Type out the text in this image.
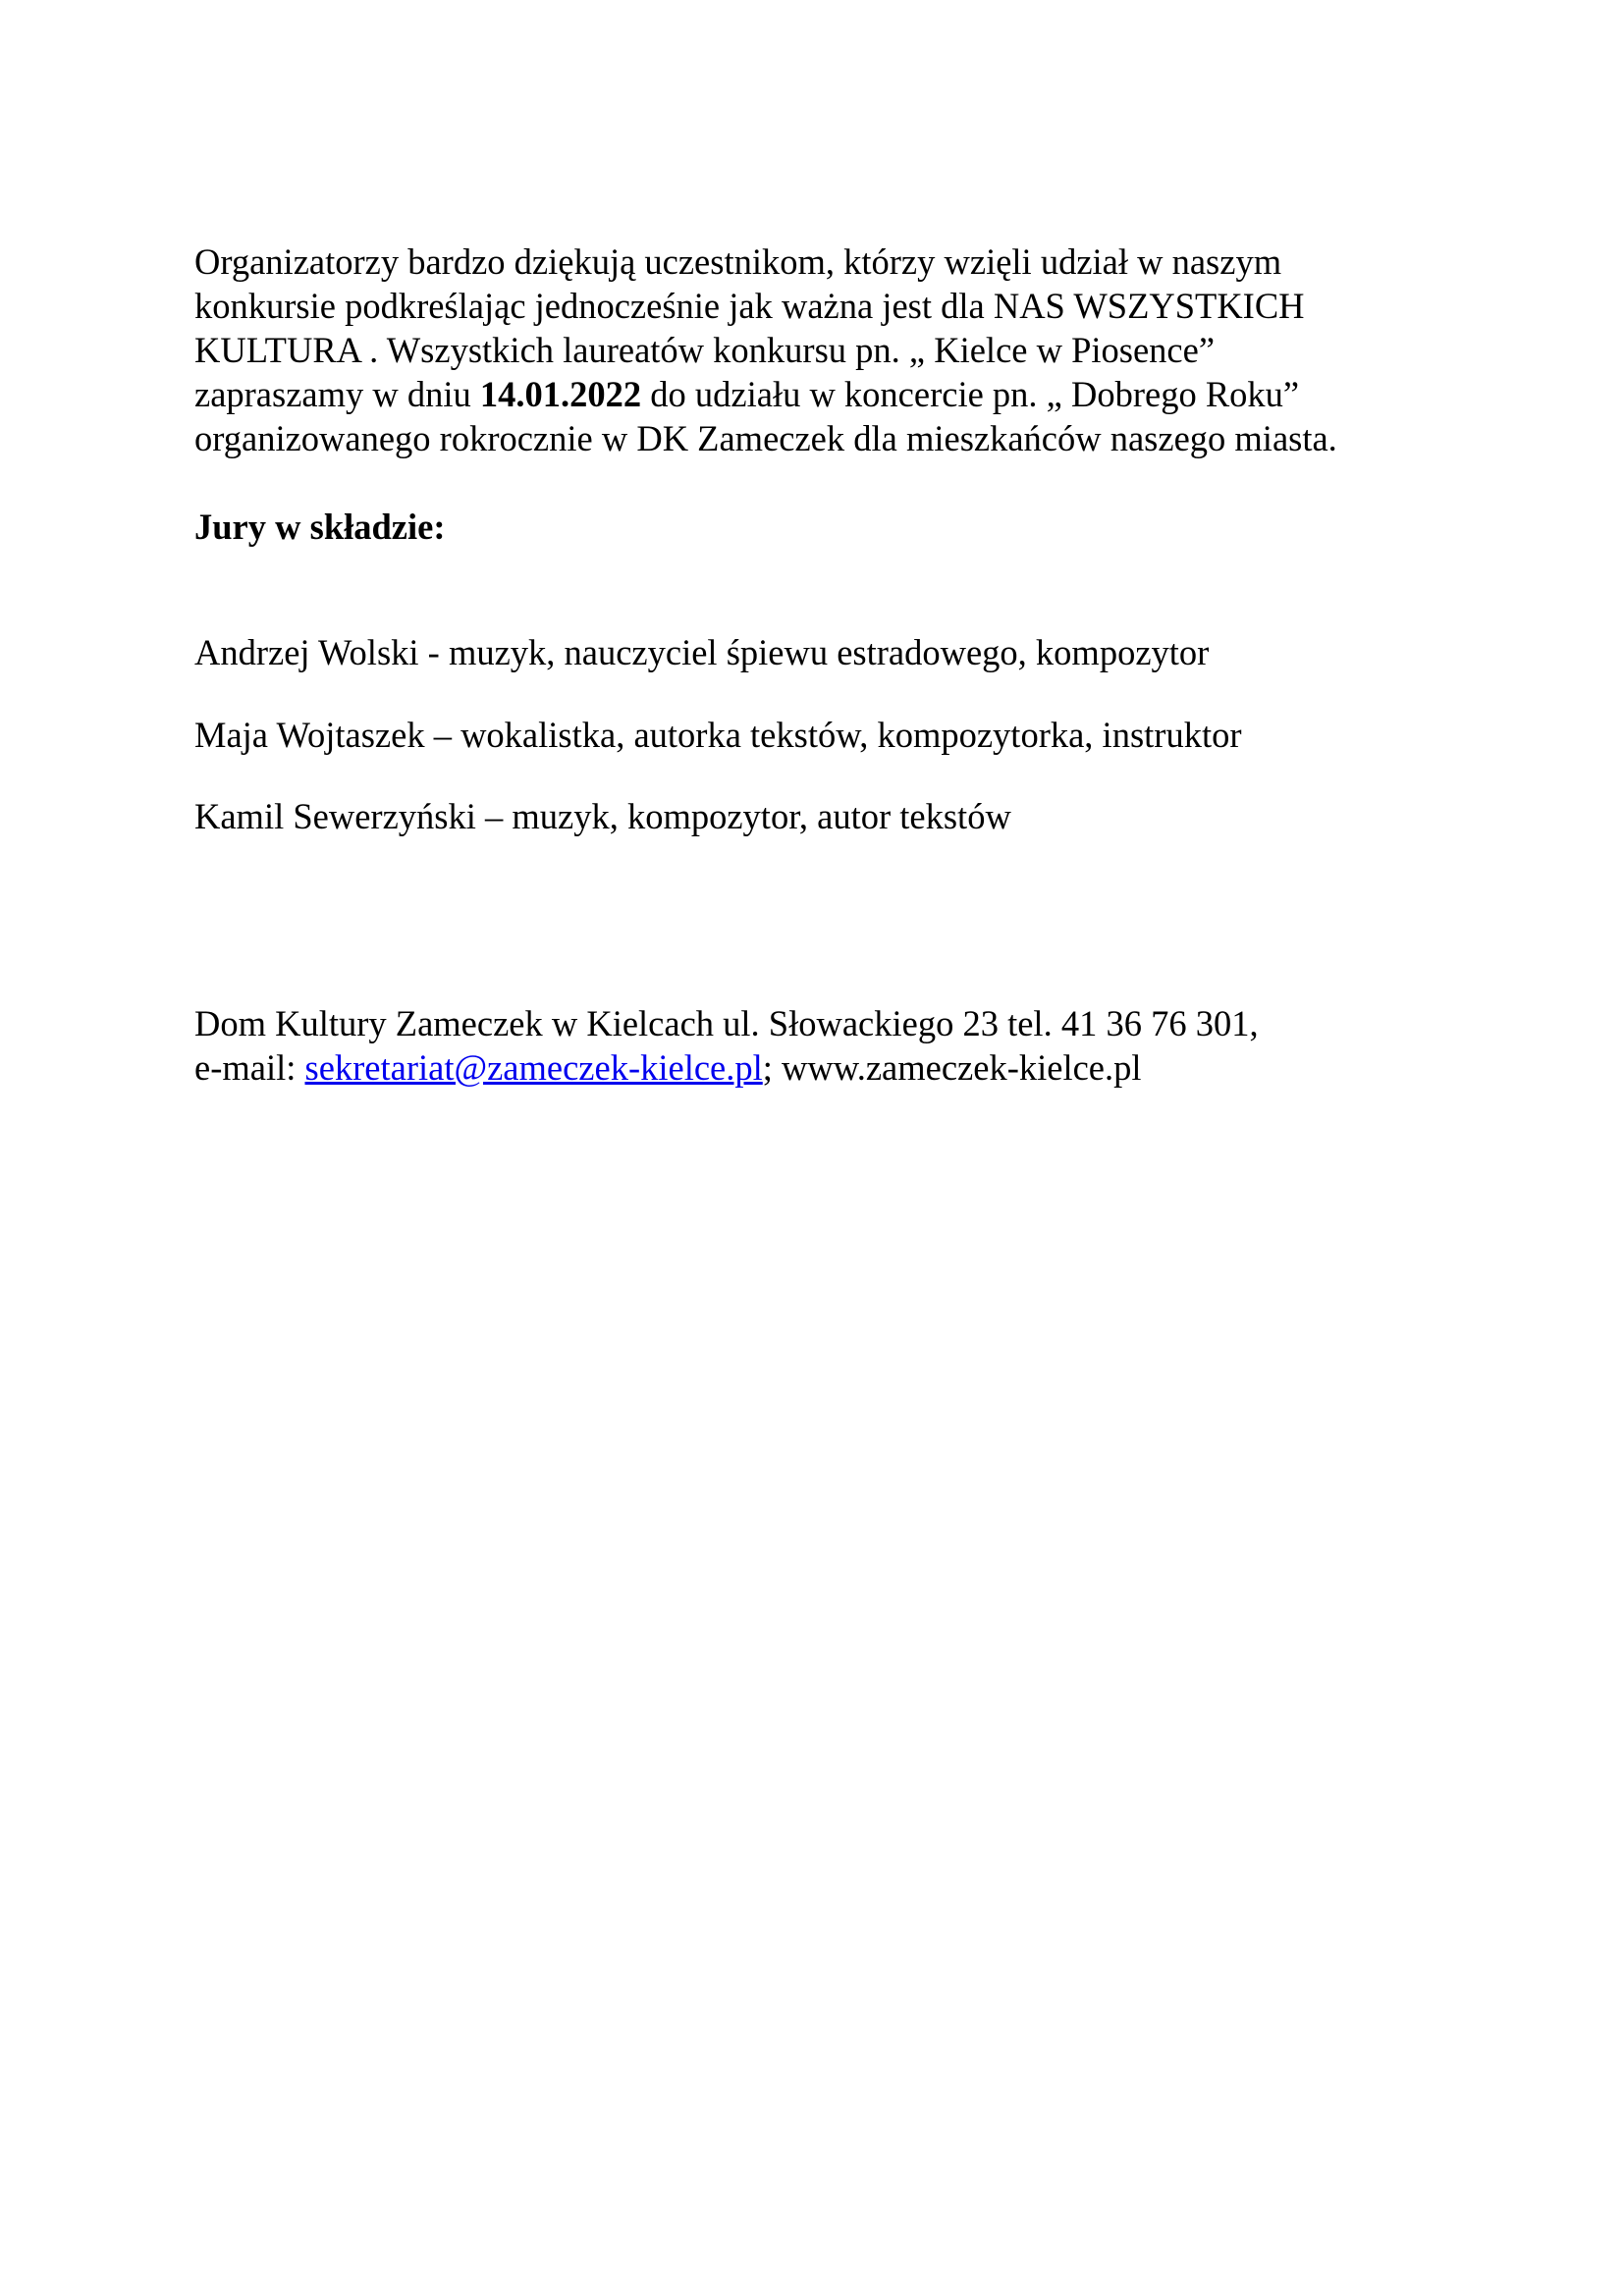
Organizatorzy bardzo dziękują uczestnikom, którzy wzięli udział w naszym

konkursie podkreślając jednocześnie jak ważna jest dla NAS WSZYSTKICH

KULTURA . Wszystkich laureatów konkursu pn. „ Kielce w Piosence”

zapraszamy w dniu 14.01.2022 do udziału w koncercie pn. „ Dobrego Roku”

organizowanego rokrocznie w DK Zameczek dla mieszkańców naszego miasta.

Jury w składzie:

Andrzej Wolski - muzyk, nauczyciel śpiewu estradowego, kompozytor

Maja Wojtaszek – wokalistka, autorka tekstów, kompozytorka, instruktor

Kamil Sewerzyński – muzyk, kompozytor, autor tekstów

Dom Kultury Zameczek w Kielcach ul. Słowackiego 23 tel. 41 36 76 301,

e-mail: sekretariat@zameczek-kielce.pl; www.zameczek-kielce.pl
